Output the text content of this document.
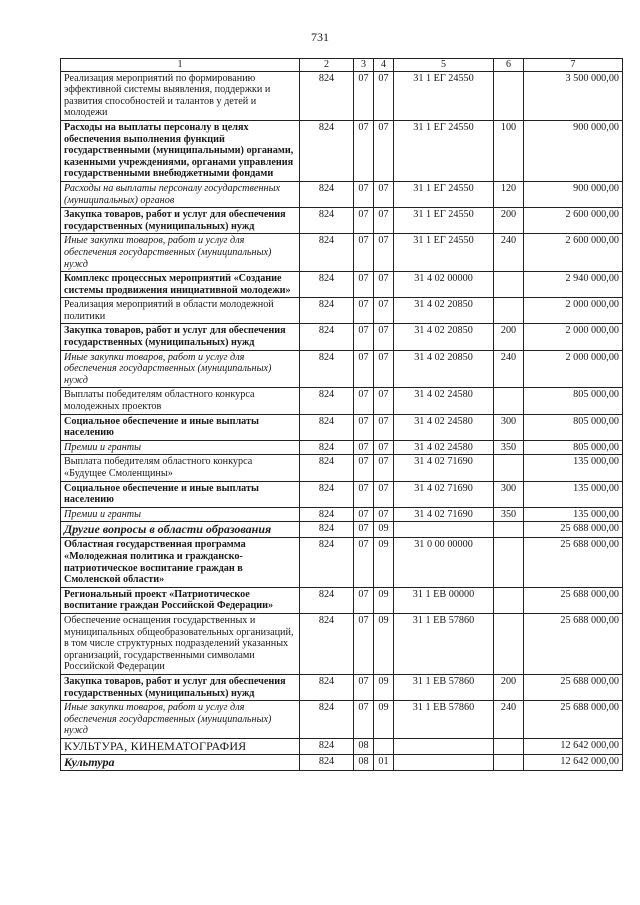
731
1	2	3	4	5	6	7
Реализация мероприятий по формированию эффективной системы выявления, поддержки и развития способностей и талантов у детей и молодежи	824	07	07	31 1 ЕГ 24550		3 500 000,00
Расходы на выплаты персоналу в целях обеспечения выполнения функций государственными (муниципальными) органами, казенными учреждениями, органами управления государственными внебюджетными фондами	824	07	07	31 1 ЕГ 24550	100	900 000,00
Расходы на выплаты персоналу государственных (муниципальных) органов	824	07	07	31 1 ЕГ 24550	120	900 000,00
Закупка товаров, работ и услуг для обеспечения государственных (муниципальных) нужд	824	07	07	31 1 ЕГ 24550	200	2 600 000,00
Иные закупки товаров, работ и услуг для обеспечения государственных (муниципальных) нужд	824	07	07	31 1 ЕГ 24550	240	2 600 000,00
Комплекс процессных мероприятий «Создание системы продвижения инициативной молодежи»	824	07	07	31 4 02 00000		2 940 000,00
Реализация мероприятий в области молодежной политики	824	07	07	31 4 02 20850		2 000 000,00
Закупка товаров, работ и услуг для обеспечения государственных (муниципальных) нужд	824	07	07	31 4 02 20850	200	2 000 000,00
Иные закупки товаров, работ и услуг для обеспечения государственных (муниципальных) нужд	824	07	07	31 4 02 20850	240	2 000 000,00
Выплаты победителям областного конкурса молодежных проектов	824	07	07	31 4 02 24580		805 000,00
Социальное обеспечение и иные выплаты населению	824	07	07	31 4 02 24580	300	805 000,00
Премии и гранты	824	07	07	31 4 02 24580	350	805 000,00
Выплата победителям областного конкурса «Будущее Смоленщины»	824	07	07	31 4 02 71690		135 000,00
Социальное обеспечение и иные выплаты населению	824	07	07	31 4 02 71690	300	135 000,00
Премии и гранты	824	07	07	31 4 02 71690	350	135 000,00
Другие вопросы в области образования	824	07	09			25 688 000,00
Областная государственная программа «Молодежная политика и гражданско-патриотическое воспитание граждан в Смоленской области»	824	07	09	31 0 00 00000		25 688 000,00
Региональный проект «Патриотическое воспитание граждан Российской Федерации»	824	07	09	31 1 ЕВ 00000		25 688 000,00
Обеспечение оснащения государственных и муниципальных общеобразовательных организаций, в том числе структурных подразделений указанных организаций, государственными символами Российской Федерации	824	07	09	31 1 ЕВ 57860		25 688 000,00
Закупка товаров, работ и услуг для обеспечения государственных (муниципальных) нужд	824	07	09	31 1 ЕВ 57860	200	25 688 000,00
Иные закупки товаров, работ и услуг для обеспечения государственных (муниципальных) нужд	824	07	09	31 1 ЕВ 57860	240	25 688 000,00
КУЛЬТУРА, КИНЕМАТОГРАФИЯ	824	08				12 642 000,00
Культура	824	08	01			12 642 000,00
